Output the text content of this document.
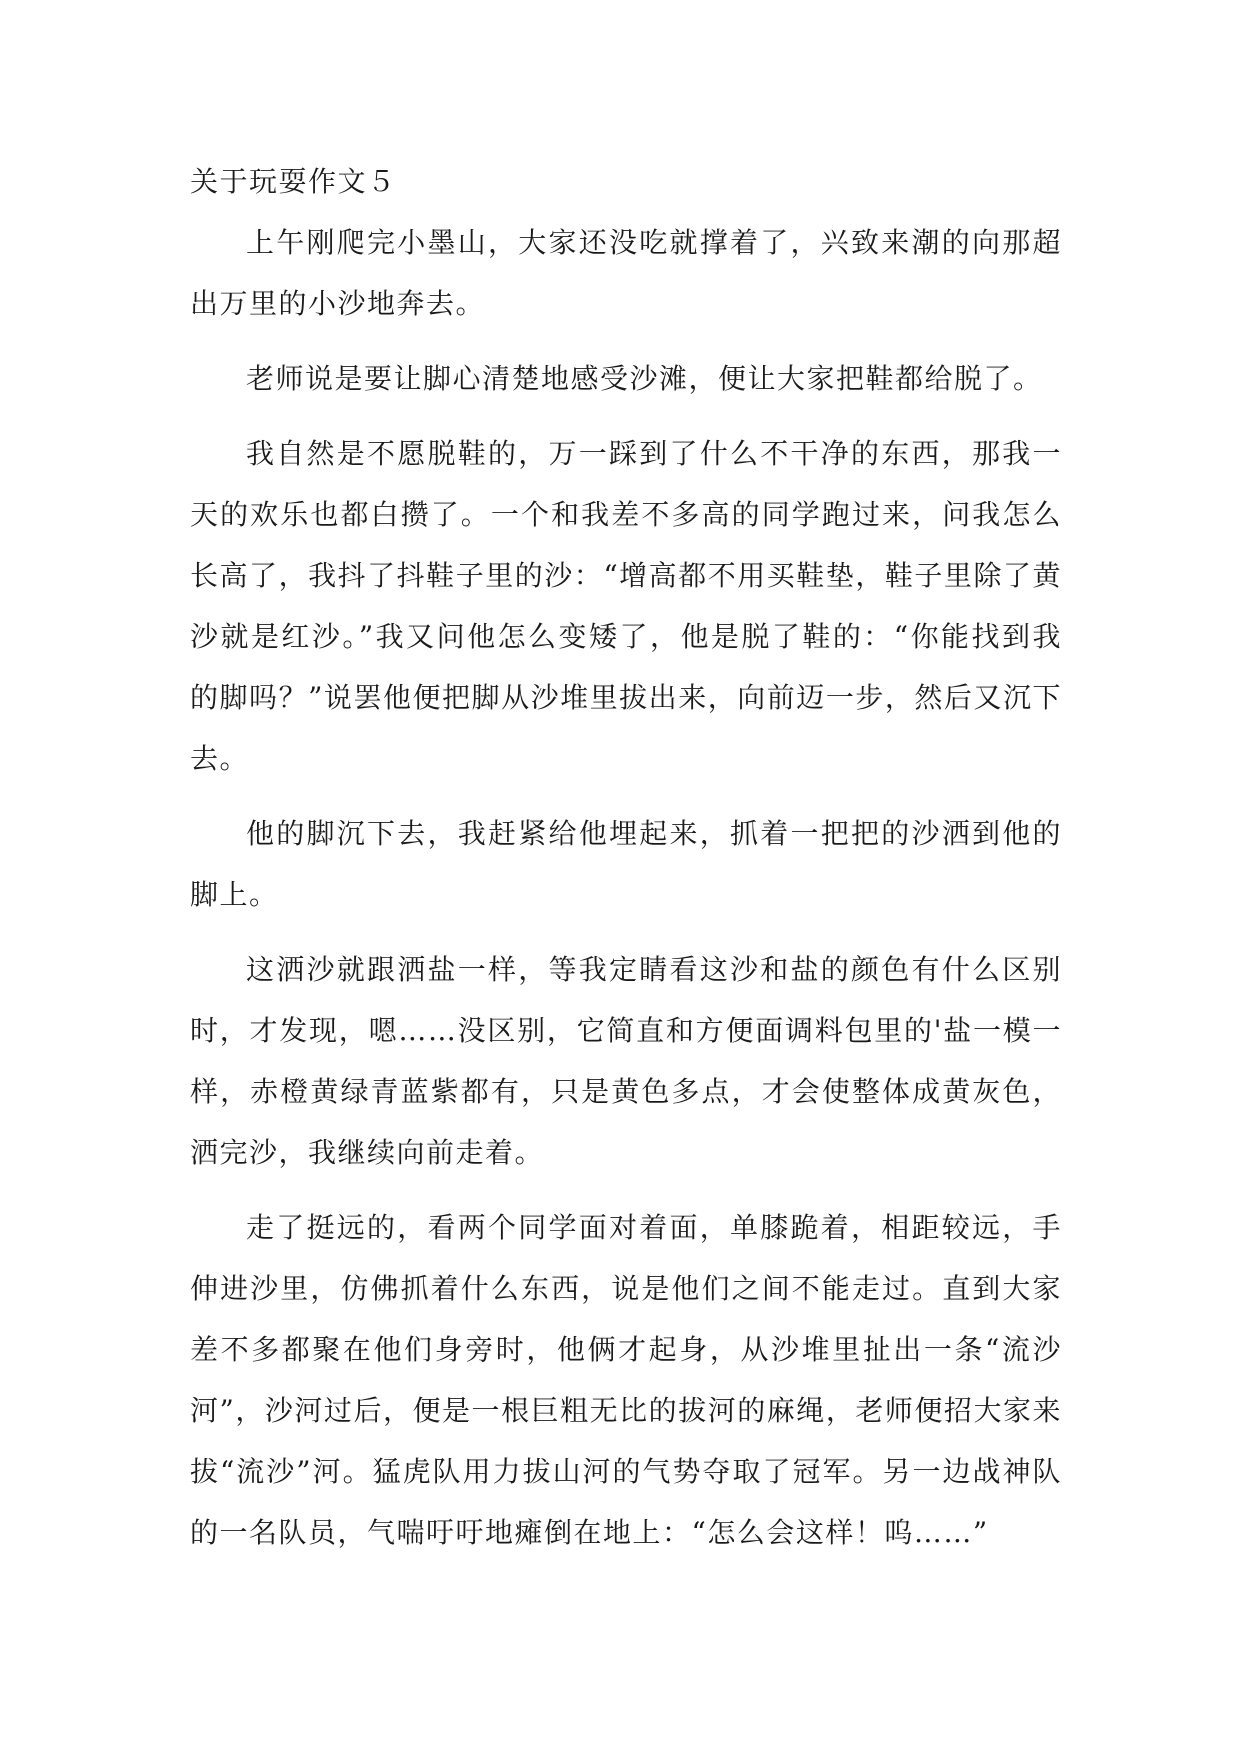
关于玩耍作文５

上午刚爬完小墨山，大家还没吃就撑着了，兴致来潮的向那超出万里的小沙地奔去。

老师说是要让脚心清楚地感受沙滩，便让大家把鞋都给脱了。

我自然是不愿脱鞋的，万一踩到了什么不干净的东西，那我一天的欢乐也都白攒了。一个和我差不多高的同学跑过来，问我怎么长高了，我抖了抖鞋子里的沙：“增高都不用买鞋垫，鞋子里除了黄沙就是红沙。”我又问他怎么变矮了，他是脱了鞋的：“你能找到我的脚吗？”说罢他便把脚从沙堆里拔出来，向前迈一步，然后又沉下去。

他的脚沉下去，我赶紧给他埋起来，抓着一把把的沙洒到他的脚上。

这洒沙就跟洒盐一样，等我定睛看这沙和盐的颜色有什么区别时，才发现，嗯……没区别，它简直和方便面调料包里的'盐一模一样，赤橙黄绿青蓝紫都有，只是黄色多点，才会使整体成黄灰色，洒完沙，我继续向前走着。

走了挺远的，看两个同学面对着面，单膝跪着，相距较远，手伸进沙里，仿佛抓着什么东西，说是他们之间不能走过。直到大家差不多都聚在他们身旁时，他俩才起身，从沙堆里扯出一条“流沙河”，沙河过后，便是一根巨粗无比的拔河的麻绳，老师便招大家来拔“流沙”河。猛虎队用力拔山河的气势夺取了冠军。另一边战神队的一名队员，气喘吁吁地瘫倒在地上：“怎么会这样！呜……”
